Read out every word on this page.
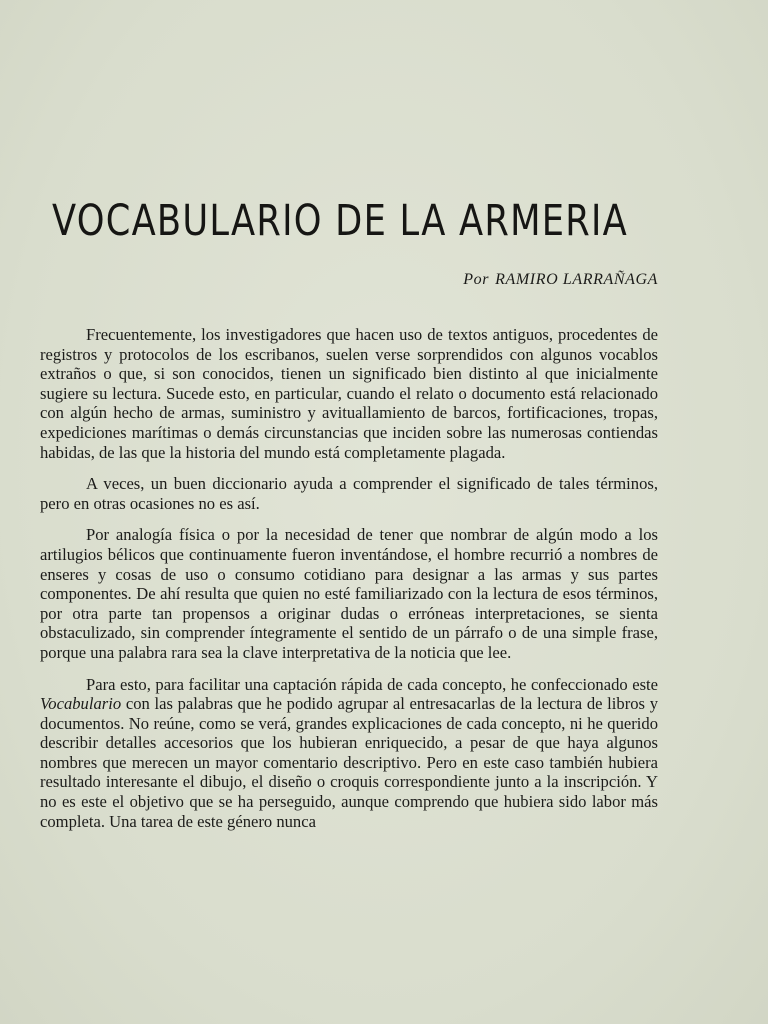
VOCABULARIO DE LA ARMERIA
Por RAMIRO LARRAÑAGA

Frecuentemente, los investigadores que hacen uso de textos antiguos, procedentes de registros y protocolos de los escribanos, suelen verse sorprendidos con algunos vocablos extraños o que, si son conocidos, tienen un significado bien distinto al que inicialmente sugiere su lectura. Sucede esto, en particular, cuando el relato o documento está relacionado con algún hecho de armas, suministro y avituallamiento de barcos, fortificaciones, tropas, expediciones marítimas o demás circunstancias que inciden sobre las numerosas contiendas habidas, de las que la historia del mundo está completamente plagada.

A veces, un buen diccionario ayuda a comprender el significado de tales términos, pero en otras ocasiones no es así.

Por analogía física o por la necesidad de tener que nombrar de algún modo a los artilugios bélicos que continuamente fueron inventándose, el hombre recurrió a nombres de enseres y cosas de uso o consumo cotidiano para designar a las armas y sus partes componentes. De ahí resulta que quien no esté familiarizado con la lectura de esos términos, por otra parte tan propensos a originar dudas o erróneas interpretaciones, se sienta obstaculizado, sin comprender íntegramente el sentido de un párrafo o de una simple frase, porque una palabra rara sea la clave interpretativa de la noticia que lee.

Para esto, para facilitar una captación rápida de cada concepto, he confeccionado este Vocabulario con las palabras que he podido agrupar al entresacarlas de la lectura de libros y documentos. No reúne, como se verá, grandes explicaciones de cada concepto, ni he querido describir detalles accesorios que los hubieran enriquecido, a pesar de que haya algunos nombres que merecen un mayor comentario descriptivo. Pero en este caso también hubiera resultado interesante el dibujo, el diseño o croquis correspondiente junto a la inscripción. Y no es este el objetivo que se ha perseguido, aunque comprendo que hubiera sido labor más completa. Una tarea de este género nunca
